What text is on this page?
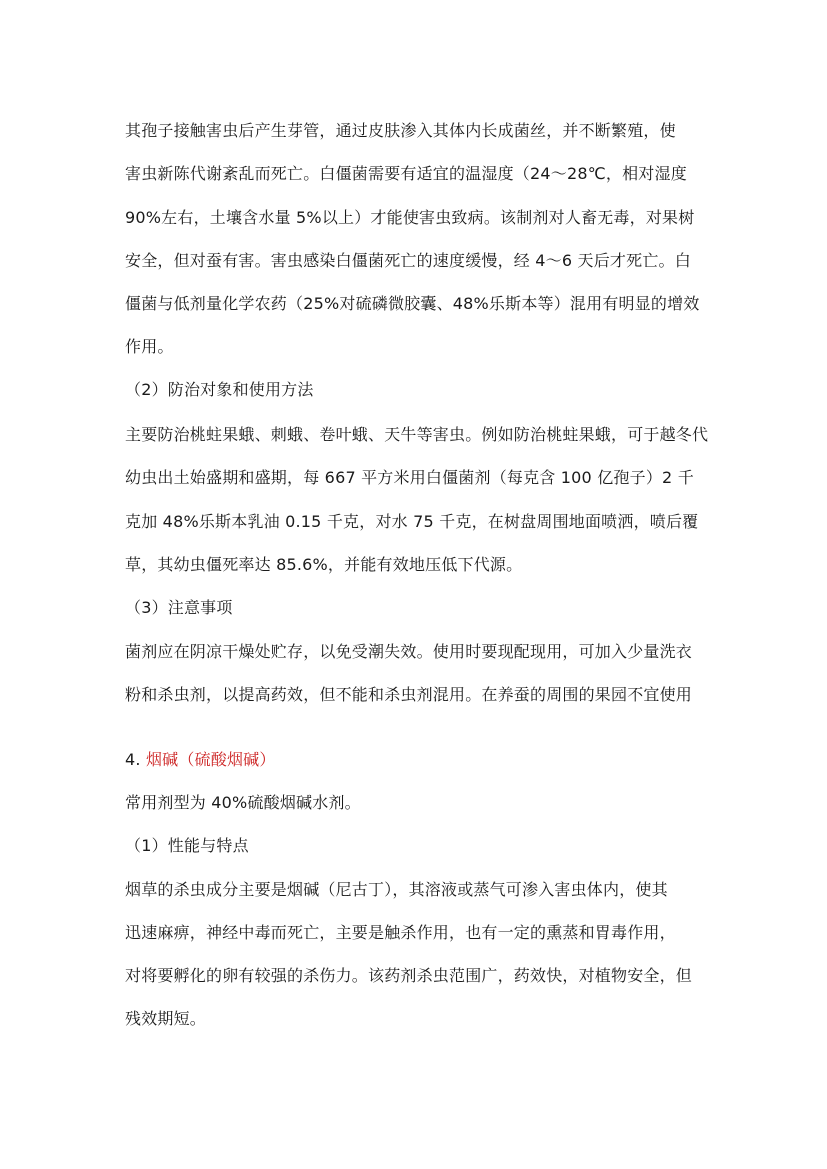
其孢子接触害虫后产生芽管，通过皮肤渗入其体内长成菌丝，并不断繁殖，使
害虫新陈代谢紊乱而死亡。白僵菌需要有适宜的温湿度（24～28℃，相对湿度
90%左右，土壤含水量 5%以上）才能使害虫致病。该制剂对人畜无毒，对果树
安全，但对蚕有害。害虫感染白僵菌死亡的速度缓慢，经 4～6 天后才死亡。白
僵菌与低剂量化学农药（25%对硫磷微胶囊、48%乐斯本等）混用有明显的增效
作用。
（2）防治对象和使用方法
主要防治桃蛀果蛾、刺蛾、卷叶蛾、天牛等害虫。例如防治桃蛀果蛾，可于越冬代
幼虫出土始盛期和盛期，每 667 平方米用白僵菌剂（每克含 100 亿孢子）2 千
克加 48%乐斯本乳油 0.15 千克，对水 75 千克，在树盘周围地面喷洒，喷后覆
草，其幼虫僵死率达 85.6%，并能有效地压低下代源。
（3）注意事项
菌剂应在阴凉干燥处贮存，以免受潮失效。使用时要现配现用，可加入少量洗衣
粉和杀虫剂，以提高药效，但不能和杀虫剂混用。在养蚕的周围的果园不宜使用
4. 烟碱（硫酸烟碱）
常用剂型为 40%硫酸烟碱水剂。
（1）性能与特点
烟草的杀虫成分主要是烟碱（尼古丁），其溶液或蒸气可渗入害虫体内，使其
迅速麻痹，神经中毒而死亡，主要是触杀作用，也有一定的熏蒸和胃毒作用，
对将要孵化的卵有较强的杀伤力。该药剂杀虫范围广，药效快，对植物安全，但
残效期短。
